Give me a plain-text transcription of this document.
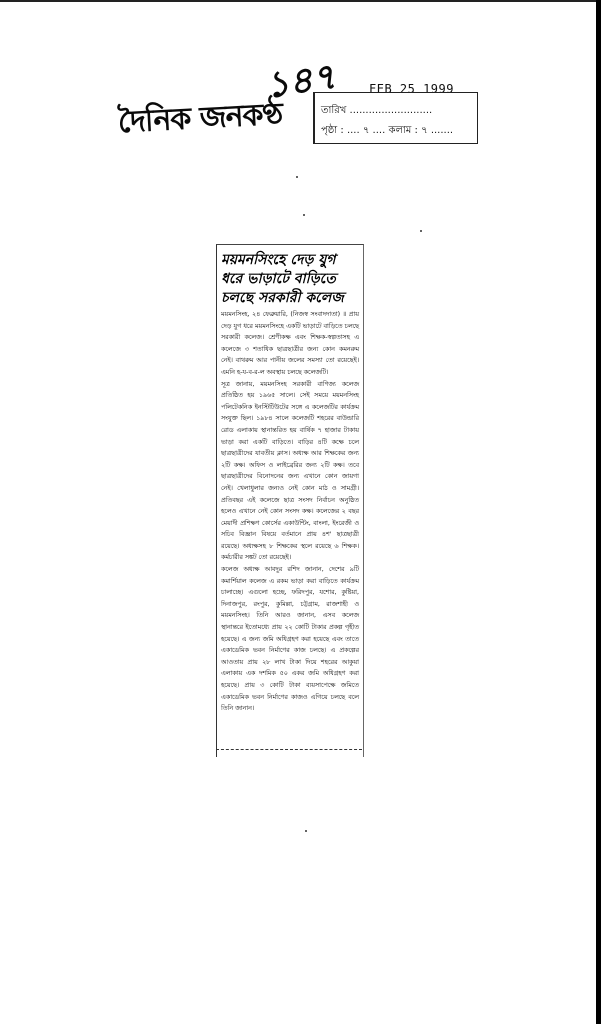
১৪৭
দৈনিক জনকণ্ঠ
FEB 25 1999
তারিখ ..........................
পৃষ্ঠা : .... ৭ .... কলাম : ৭ .......
ময়মনসিংহে দেড় যুগ ধরে ভাড়াটে বাড়িতে চলছে সরকারী কলেজ
ময়মনসিংহ, ২৪ ফেব্রুয়ারি, (নিজস্ব সংবাদদাতা) ॥ প্রায় দেড় যুগ ধরে ময়মনসিংহে একটি ভাড়াটে বাড়িতে চলছে সরকারী কলেজ। শ্রেণীকক্ষ এবং শিক্ষক-স্বল্পতাসহ এ কলেজে ৩ শতাধিক ছাত্রছাত্রীর জন্য কোন কমনরুম নেই। বাথরুম আর পানীয় জলের সমস্যা তো রয়েছেই। এমনি হ-য-ব-র-ল অবস্থায় চলছে কলেজটি।
সূত্র জানায়, ময়মনসিংহ সরকারী বাণিজ্য কলেজ প্রতিষ্ঠিত হয় ১৯৬৫ সালে। সেই সময়ে ময়মনসিংহ পলিটেকনিক ইনস্টিটিউটের সঙ্গে এ কলেজটির কার্যক্রম সংযুক্ত ছিল। ১৯৮৪ সালে কলেজটি শহরের বাউন্ডারি রোড এলাকায় স্থানান্তরিত হয় বার্ষিক ৭ হাজার টাকায় ভাড়া করা একটি বাড়িতে। বাড়ির ৪টি কক্ষে চলে ছাত্রছাত্রীদের যাবতীয় ক্লাস। অধ্যক্ষ আর শিক্ষকের জন্য ২টি কক্ষ। অফিস ও লাইব্রেরির জন্য ২টি কক্ষ। তবে ছাত্রছাত্রীদের বিনোদনের জন্য এখানে কোন জায়গা নেই। খেলাধুলার জন্যও নেই কোন মাঠ ও সামগ্রী। প্রতিবছর এই কলেজে ছাত্র সংসদ নির্বাচন অনুষ্ঠিত হলেও এখানে নেই কোন সংসদ কক্ষ। কলেজের ২ বছর মেয়াদী প্রশিক্ষণ কোর্সের একাউন্টিং, বাংলা, ইংরেজী ও সচিব বিজ্ঞান বিষয়ে বর্তমানে প্রায় ৪শ' ছাত্রছাত্রী রয়েছে। অধ্যক্ষসহ ৮ শিক্ষকের স্থলে রয়েছে ৬ শিক্ষক। কর্মচারীর সঙ্কট তো রয়েছেই।
কলেজ অধ্যক্ষ আবদুর রশিদ জানান, দেশের ৯টি কমার্শিয়াল কলেজ এ রকম ভাড়া করা বাড়িতে কার্যক্রম চালাচ্ছে। এগুলো হচ্ছে, ফরিদপুর, যশোর, কুষ্টিয়া, দিনাজপুর, রংপুর, কুমিল্লা, চট্টগ্রাম, রাজশাহী ও ময়মনসিংহ। তিনি আরও জানান, এসব কলেজ স্থানান্তরে ইতোমধ্যে প্রায় ২২ কোটি টাকার প্রকল্প গৃহীত হয়েছে। এ জন্য জমি অধিগ্রহণ করা হয়েছে এবং তাতে একাডেমিক ভবন নির্মাণের কাজ চলছে। এ প্রকল্পের আওতায় প্রায় ২৮ লাখ টাকা দিয়ে শহরের আকুয়া এলাকায় এক দশমিক ৫০ একর জমি অধিগ্রহণ করা হয়েছে। প্রায় ৩ কোটি টাকা ব্যয়সাপেক্ষে জমিতে একাডেমিক ভবন নির্মাণের কাজও এগিয়ে চলছে বলে তিনি জানান।
